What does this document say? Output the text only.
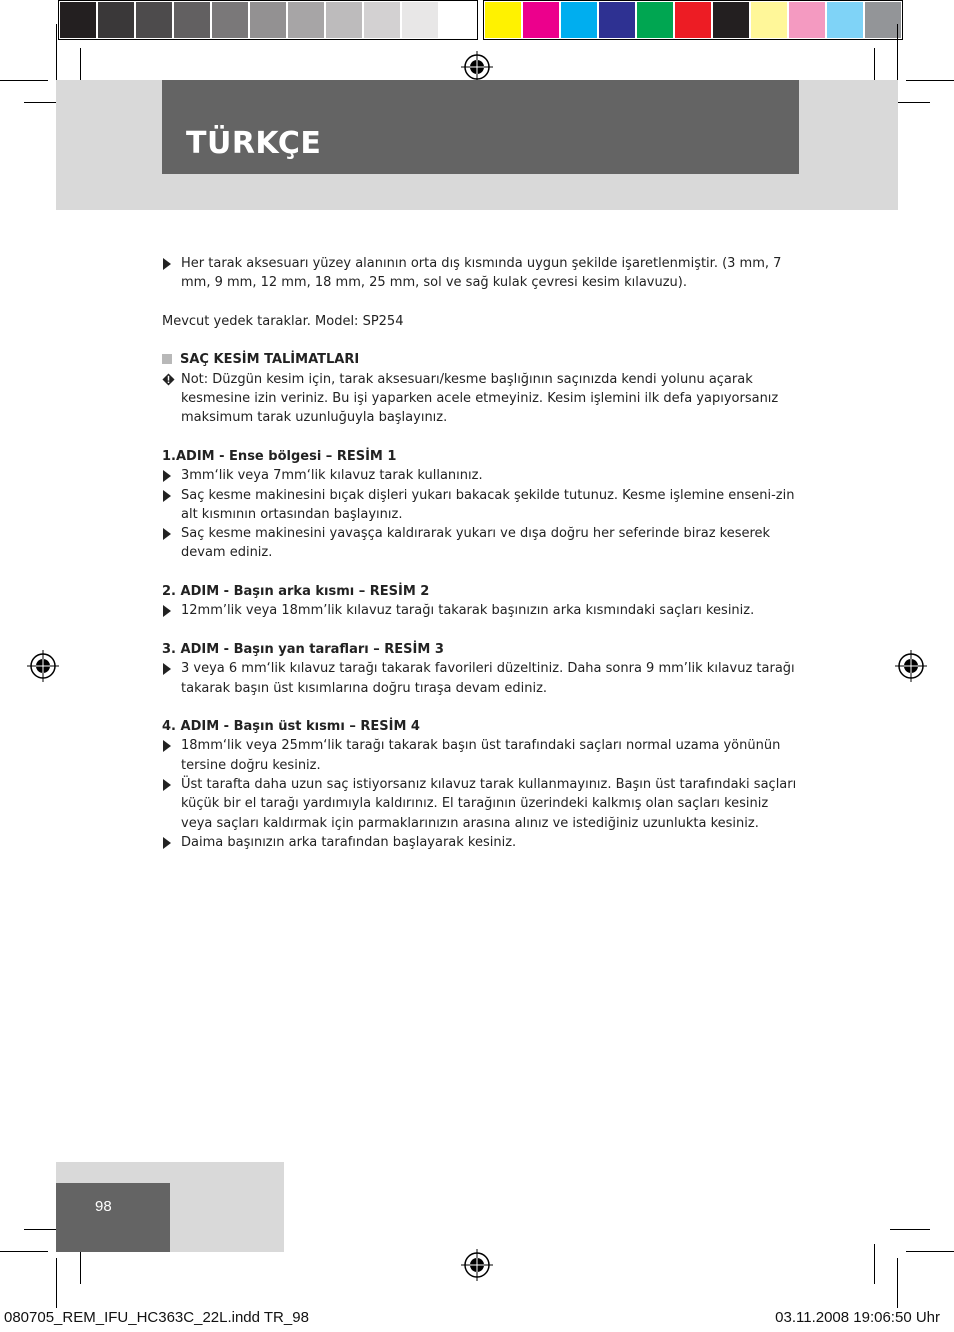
TÜRKÇE

Her tarak aksesuarı yüzey alanının orta dış kısmında uygun şekilde işaretlenmiştir. (3 mm, 7 mm, 9 mm, 12 mm, 18 mm, 25 mm, sol ve sağ kulak çevresi kesim kılavuzu).

Mevcut yedek taraklar. Model: SP254

SAÇ KESİM TALİMATLARI

Not: Düzgün kesim için, tarak aksesuarı/kesme başlığının saçınızda kendi yolunu açarak kesmesine izin veriniz. Bu işi yaparken acele etmeyiniz. Kesim işlemini ilk defa yapıyorsanız maksimum tarak uzunluğuyla başlayınız.

1.ADIM - Ense bölgesi – RESİM 1

3mm‘lik veya 7mm‘lik kılavuz tarak kullanınız.

Saç kesme makinesini bıçak dişleri yukarı bakacak şekilde tutunuz. Kesme işlemine enseni-zin alt kısmının ortasından başlayınız.

Saç kesme makinesini yavaşça kaldırarak yukarı ve dışa doğru her seferinde biraz keserek devam ediniz.

2. ADIM - Başın arka kısmı – RESİM 2

12mm’lik veya 18mm’lik kılavuz tarağı takarak başınızın arka kısmındaki saçları kesiniz.

3. ADIM - Başın yan tarafları – RESİM 3

3 veya 6 mm‘lik kılavuz tarağı takarak favorileri düzeltiniz. Daha sonra 9 mm’lik kılavuz tarağı takarak başın üst kısımlarına doğru tıraşa devam ediniz.

4. ADIM - Başın üst kısmı – RESİM 4

18mm‘lik veya 25mm‘lik tarağı takarak başın üst tarafındaki saçları normal uzama yönünün tersine doğru kesiniz.

Üst tarafta daha uzun saç istiyorsanız kılavuz tarak kullanmayınız. Başın üst tarafındaki saçları küçük bir el tarağı yardımıyla kaldırınız. El tarağının üzerindeki kalkmış olan saçları kesiniz veya saçları kaldırmak için parmaklarınızın arasına alınız ve istediğiniz uzunlukta kesiniz.

Daima başınızın arka tarafından başlayarak kesiniz.

98
080705_REM_IFU_HC363C_22L.indd TR_98	03.11.2008 19:06:50 Uhr
